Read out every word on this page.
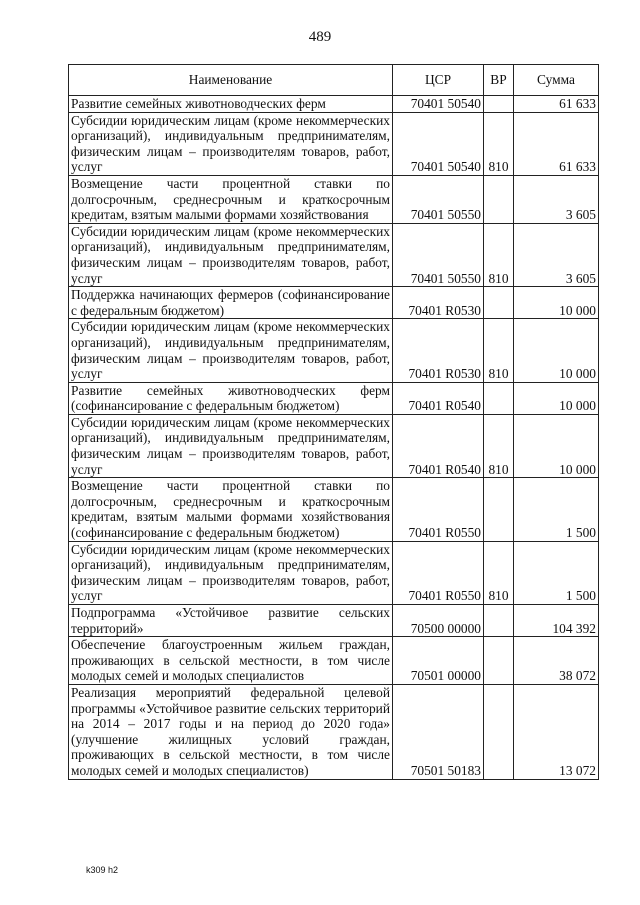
489
Наименование	ЦСР	ВР	Сумма
Развитие семейных животноводческих ферм	70401 50540		61 633
Субсидии юридическим лицам (кроме некоммерческих организаций), индивидуальным предпринимателям, физическим лицам – производителям товаров, работ, услуг	70401 50540	810	61 633
Возмещение части процентной ставки по долгосрочным, среднесрочным и краткосрочным кредитам, взятым малыми формами хозяйствования	70401 50550		3 605
Субсидии юридическим лицам (кроме некоммерческих организаций), индивидуальным предпринимателям, физическим лицам – производителям товаров, работ, услуг	70401 50550	810	3 605
Поддержка начинающих фермеров (софинансирование с федеральным бюджетом)	70401 R0530		10 000
Субсидии юридическим лицам (кроме некоммерческих организаций), индивидуальным предпринимателям, физическим лицам – производителям товаров, работ, услуг	70401 R0530	810	10 000
Развитие семейных животноводческих ферм (софинансирование с федеральным бюджетом)	70401 R0540		10 000
Субсидии юридическим лицам (кроме некоммерческих организаций), индивидуальным предпринимателям, физическим лицам – производителям товаров, работ, услуг	70401 R0540	810	10 000
Возмещение части процентной ставки по долгосрочным, среднесрочным и краткосрочным кредитам, взятым малыми формами хозяйствования (софинансирование с федеральным бюджетом)	70401 R0550		1 500
Субсидии юридическим лицам (кроме некоммерческих организаций), индивидуальным предпринимателям, физическим лицам – производителям товаров, работ, услуг	70401 R0550	810	1 500
Подпрограмма «Устойчивое развитие сельских территорий»	70500 00000		104 392
Обеспечение благоустроенным жильем граждан, проживающих в сельской местности, в том числе молодых семей и молодых специалистов	70501 00000		38 072
Реализация мероприятий федеральной целевой программы «Устойчивое развитие сельских территорий на 2014 – 2017 годы и на период до 2020 года» (улучшение жилищных условий граждан, проживающих в сельской местности, в том числе молодых семей и молодых специалистов)	70501 50183		13 072
k309 h2
